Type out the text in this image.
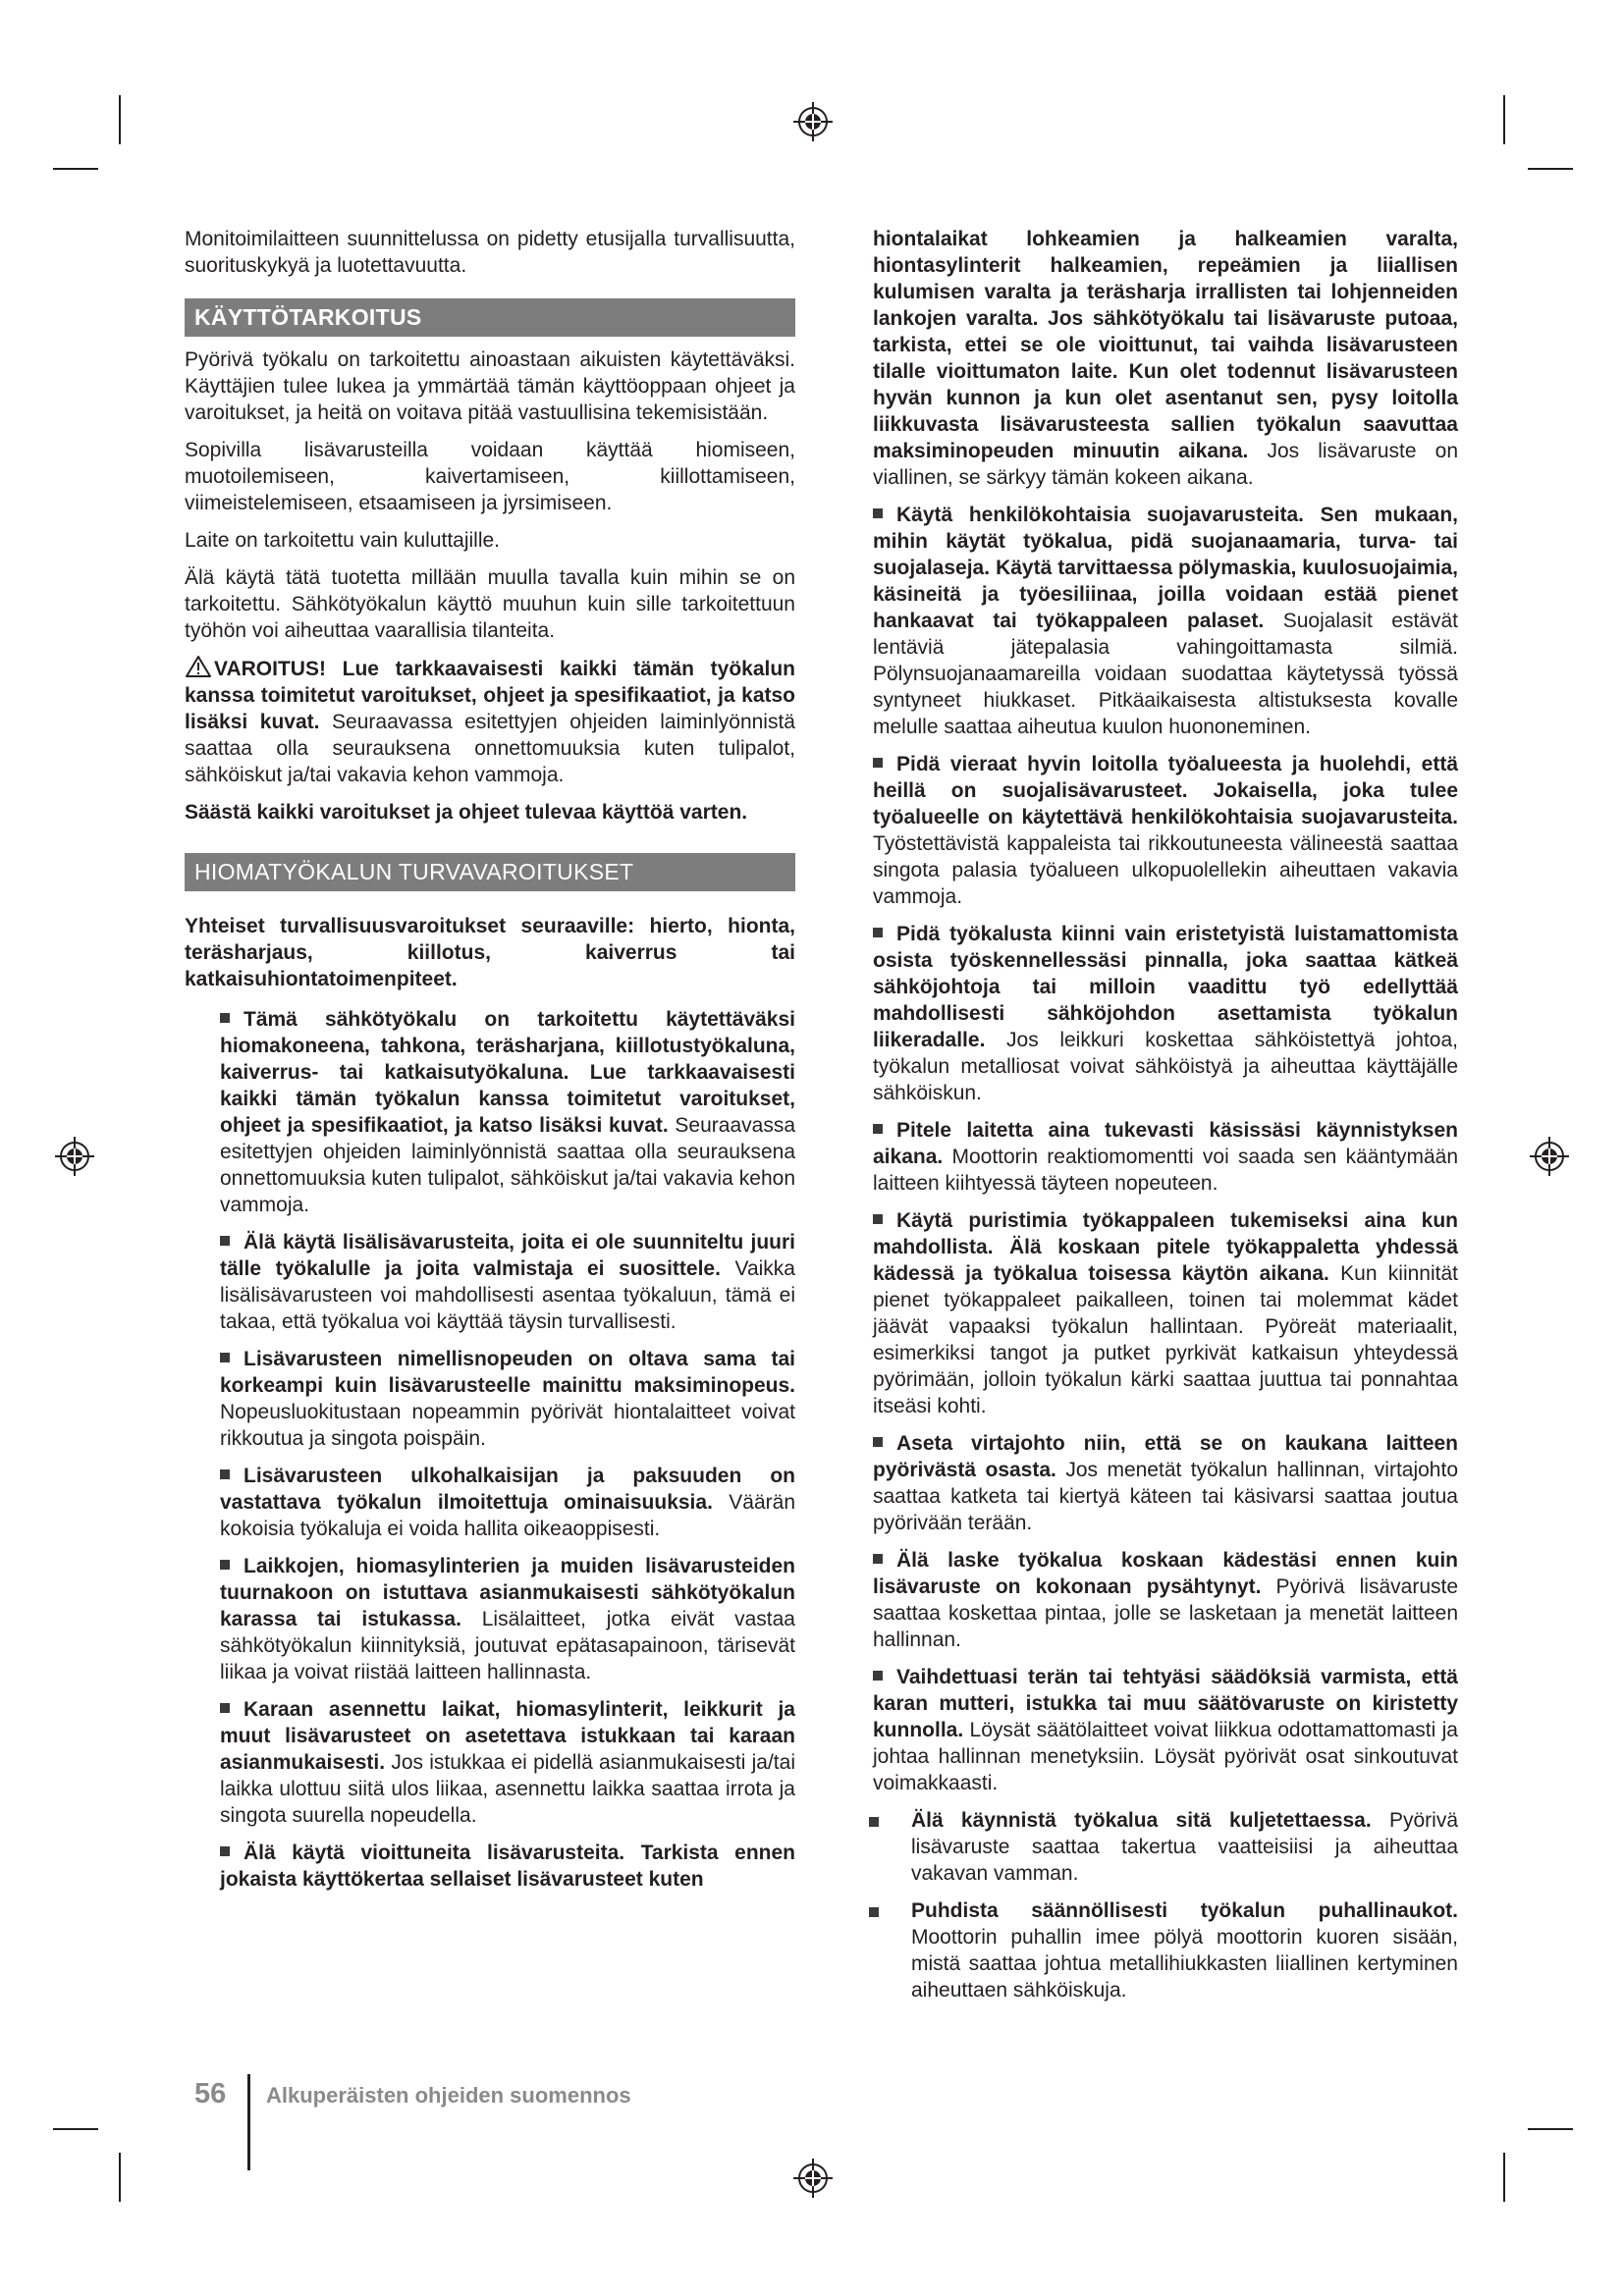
Monitoimilaitteen suunnittelussa on pidetty etusijalla turvallisuutta, suorituskykyä ja luotettavuutta.

KÄYTTÖTARKOITUS

Pyörivä työkalu on tarkoitettu ainoastaan aikuisten käytettäväksi. Käyttäjien tulee lukea ja ymmärtää tämän käyttöoppaan ohjeet ja varoitukset, ja heitä on voitava pitää vastuullisina tekemisistään.

Sopivilla lisävarusteilla voidaan käyttää hiomiseen, muotoilemiseen, kaivertamiseen, kiillottamiseen, viimeistelemiseen, etsaamiseen ja jyrsimiseen.

Laite on tarkoitettu vain kuluttajille.

Älä käytä tätä tuotetta millään muulla tavalla kuin mihin se on tarkoitettu. Sähkötyökalun käyttö muuhun kuin sille tarkoitettuun työhön voi aiheuttaa vaarallisia tilanteita.

VAROITUS! Lue tarkkaavaisesti kaikki tämän työkalun kanssa toimitetut varoitukset, ohjeet ja spesifikaatiot, ja katso lisäksi kuvat. Seuraavassa esitettyjen ohjeiden laiminlyönnistä saattaa olla seurauksena onnettomuuksia kuten tulipalot, sähköiskut ja/tai vakavia kehon vammoja.

Säästä kaikki varoitukset ja ohjeet tulevaa käyttöä varten.

HIOMATYÖKALUN TURVAVAROITUKSET

Yhteiset turvallisuusvaroitukset seuraaville: hierto, hionta, teräsharjaus, kiillotus, kaiverrus tai katkaisuhiontatoimenpiteet.

Tämä sähkötyökalu on tarkoitettu käytettäväksi hiomakoneena, tahkona, teräsharjana, kiillotustyökaluna, kaiverrus- tai katkaisutyökaluna. Lue tarkkaavaisesti kaikki tämän työkalun kanssa toimitetut varoitukset, ohjeet ja spesifikaatiot, ja katso lisäksi kuvat. Seuraavassa esitettyjen ohjeiden laiminlyönnistä saattaa olla seurauksena onnettomuuksia kuten tulipalot, sähköiskut ja/tai vakavia kehon vammoja.
Älä käytä lisälisävarusteita, joita ei ole suunniteltu juuri tälle työkalulle ja joita valmistaja ei suosittele. Vaikka lisälisävarusteen voi mahdollisesti asentaa työkaluun, tämä ei takaa, että työkalua voi käyttää täysin turvallisesti.
Lisävarusteen nimellisnopeuden on oltava sama tai korkeampi kuin lisävarusteelle mainittu maksiminopeus. Nopeusluokitustaan nopeammin pyörivät hiontalaitteet voivat rikkoutua ja singota poispäin.
Lisävarusteen ulkohalkaisijan ja paksuuden on vastattava työkalun ilmoitettuja ominaisuuksia. Väärän kokoisia työkaluja ei voida hallita oikeaoppisesti.
Laikkojen, hiomasylinterien ja muiden lisävarusteiden tuurnakoon on istuttava asianmukaisesti sähkötyökalun karassa tai istukassa. Lisälaitteet, jotka eivät vastaa sähkötyökalun kiinnityksiä, joutuvat epätasapainoon, tärisevät liikaa ja voivat riistää laitteen hallinnasta.
Karaan asennettu laikat, hiomasylinterit, leikkurit ja muut lisävarusteet on asetettava istukkaan tai karaan asianmukaisesti. Jos istukkaa ei pidellä asianmukaisesti ja/tai laikka ulottuu siitä ulos liikaa, asennettu laikka saattaa irrota ja singota suurella nopeudella.
Älä käytä vioittuneita lisävarusteita. Tarkista ennen jokaista käyttökertaa sellaiset lisävarusteet kuten

hiontalaikat lohkeamien ja halkeamien varalta, hiontasylinterit halkeamien, repeämien ja liiallisen kulumisen varalta ja teräsharja irrallisten tai lohjenneiden lankojen varalta. Jos sähkötyökalu tai lisävaruste putoaa, tarkista, ettei se ole vioittunut, tai vaihda lisävarusteen tilalle vioittumaton laite. Kun olet todennut lisävarusteen hyvän kunnon ja kun olet asentanut sen, pysy loitolla liikkuvasta lisävarusteesta sallien työkalun saavuttaa maksiminopeuden minuutin aikana. Jos lisävaruste on viallinen, se särkyy tämän kokeen aikana.

Käytä henkilökohtaisia suojavarusteita. Sen mukaan, mihin käytät työkalua, pidä suojanaamaria, turva- tai suojalaseja. Käytä tarvittaessa pölymaskia, kuulosuojaimia, käsineitä ja työesiliinaa, joilla voidaan estää pienet hankaavat tai työkappaleen palaset. Suojalasit estävät lentäviä jätepalasia vahingoittamasta silmiä. Pölynsuojanaamareilla voidaan suodattaa käytetyssä työssä syntyneet hiukkaset. Pitkäaikaisesta altistuksesta kovalle melulle saattaa aiheutua kuulon huononeminen.
Pidä vieraat hyvin loitolla työalueesta ja huolehdi, että heillä on suojalisävarusteet. Jokaisella, joka tulee työalueelle on käytettävä henkilökohtaisia suojavarusteita. Työstettävistä kappaleista tai rikkoutuneesta välineestä saattaa singota palasia työalueen ulkopuolellekin aiheuttaen vakavia vammoja.
Pidä työkalusta kiinni vain eristetyistä luistamattomista osista työskennellessäsi pinnalla, joka saattaa kätkeä sähköjohtoja tai milloin vaadittu työ edellyttää mahdollisesti sähköjohdon asettamista työkalun liikeradalle. Jos leikkuri koskettaa sähköistettyä johtoa, työkalun metalliosat voivat sähköistyä ja aiheuttaa käyttäjälle sähköiskun.
Pitele laitetta aina tukevasti käsissäsi käynnistyksen aikana. Moottorin reaktiomomentti voi saada sen kääntymään laitteen kiihtyessä täyteen nopeuteen.
Käytä puristimia työkappaleen tukemiseksi aina kun mahdollista. Älä koskaan pitele työkappaletta yhdessä kädessä ja työkalua toisessa käytön aikana. Kun kiinnität pienet työkappaleet paikalleen, toinen tai molemmat kädet jäävät vapaaksi työkalun hallintaan. Pyöreät materiaalit, esimerkiksi tangot ja putket pyrkivät katkaisun yhteydessä pyörimään, jolloin työkalun kärki saattaa juuttua tai ponnahtaa itseäsi kohti.
Aseta virtajohto niin, että se on kaukana laitteen pyörivästä osasta. Jos menetät työkalun hallinnan, virtajohto saattaa katketa tai kiertyä käteen tai käsivarsi saattaa joutua pyörivään terään.
Älä laske työkalua koskaan kädestäsi ennen kuin lisävaruste on kokonaan pysähtynyt. Pyörivä lisävaruste saattaa koskettaa pintaa, jolle se lasketaan ja menetät laitteen hallinnan.
Vaihdettuasi terän tai tehtyäsi säädöksiä varmista, että karan mutteri, istukka tai muu säätövaruste on kiristetty kunnolla. Löysät säätölaitteet voivat liikkua odottamattomasti ja johtaa hallinnan menetyksiin. Löysät pyörivät osat sinkoutuvat voimakkaasti.
Älä käynnistä työkalua sitä kuljetettaessa. Pyörivä lisävaruste saattaa takertua vaatteisiisi ja aiheuttaa vakavan vamman.
Puhdista säännöllisesti työkalun puhallinaukot. Moottorin puhallin imee pölyä moottorin kuoren sisään, mistä saattaa johtua metallihiukkasten liiallinen kertyminen aiheuttaen sähköiskuja.
56 Alkuperäisten ohjeiden suomennos
